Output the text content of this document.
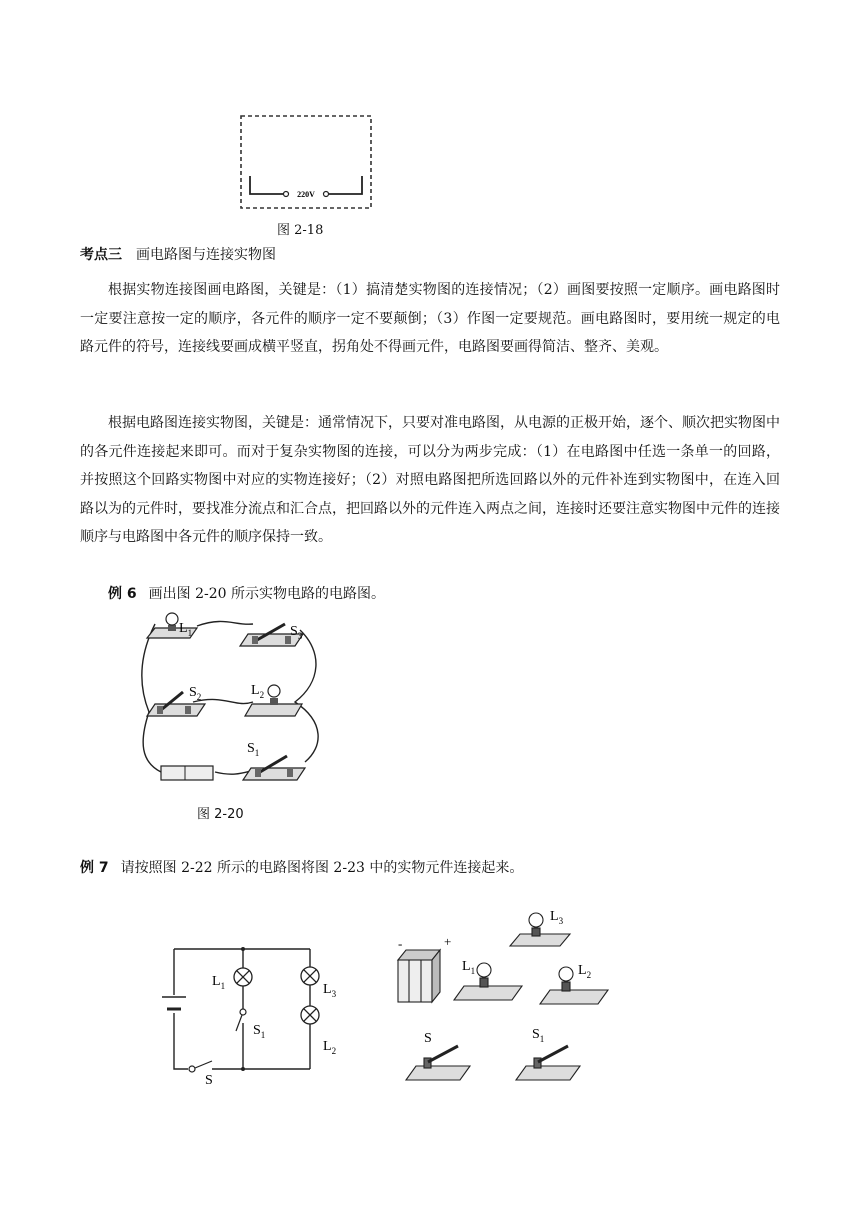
220V
图 2-18
考点三 画电路图与连接实物图
根据实物连接图画电路图，关键是：（1）搞清楚实物图的连接情况；（2）画图要按照一定顺序。画电路图时一定要注意按一定的顺序，各元件的顺序一定不要颠倒；（3）作图一定要规范。画电路图时，要用统一规定的电路元件的符号，连接线要画成横平竖直，拐角处不得画元件，电路图要画得简洁、整齐、美观。
根据电路图连接实物图，关键是：通常情况下，只要对准电路图，从电源的正极开始，逐个、顺次把实物图中的各元件连接起来即可。而对于复杂实物图的连接，可以分为两步完成：（1）在电路图中任选一条单一的回路，并按照这个回路实物图中对应的实物连接好；（2）对照电路图把所选回路以外的元件补连到实物图中，在连入回路以为的元件时，要找准分流点和汇合点，把回路以外的元件连入两点之间，连接时还要注意实物图中元件的连接顺序与电路图中各元件的顺序保持一致。
例 6 画出图 2-20 所示实物电路的电路图。
$L_1$	$S_3$
$S_2$	$L_2$
$S_1$
图 2-20
例 7 请按照图 2-22 所示的电路图将图 2-23 中的实物元件连接起来。
$L_1$
$S_1$
$L_3$
$L_2$
S
-	+
$L_3$
$L_1$	$L_2$
S	$S_1$
